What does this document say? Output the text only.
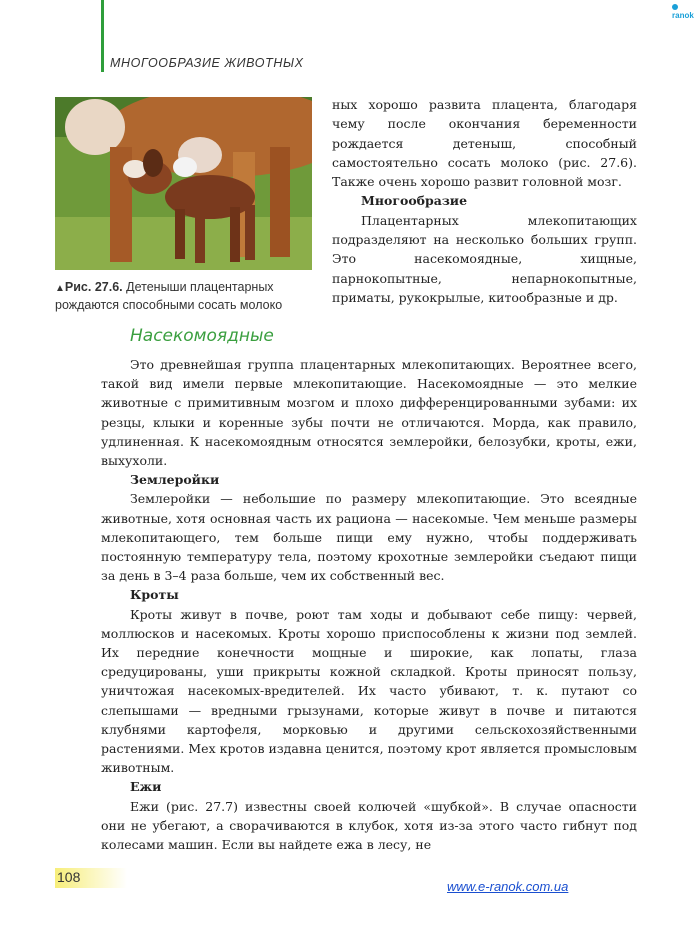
МНОГООБРАЗИЕ ЖИВОТНЫХ
ranok
▲Рис. 27.6. Детеныши плацентарных рождаются способными сосать молоко

ных хорошо развита плацента, благодаря чему после окончания беременности рождается детеныш, способный самостоятельно сосать молоко (рис. 27.6). Также очень хорошо развит головной мозг.

Многообразие

Плацентарных млекопитающих подразделяют на несколько больших групп. Это насекомоядные, хищные, парнокопытные, непарнокопытные, приматы, рукокрылые, китообразные и др.

Насекомоядные

Это древнейшая группа плацентарных млекопитающих. Вероятнее всего, такой вид имели первые млекопитающие. Насекомоядные — это мелкие животные с примитивным мозгом и плохо дифференцированными зубами: их резцы, клыки и коренные зубы почти не отличаются. Морда, как правило, удлиненная. К насекомоядным относятся землеройки, белозубки, кроты, ежи, выхухоли.

Землеройки

Землеройки — небольшие по размеру млекопитающие. Это всеядные животные, хотя основная часть их рациона — насекомые. Чем меньше размеры млекопитающего, тем больше пищи ему нужно, чтобы поддерживать постоянную температуру тела, поэтому крохотные землеройки съедают пищи за день в 3–4 раза больше, чем их собственный вес.

Кроты

Кроты живут в почве, роют там ходы и добывают себе пищу: червей, моллюсков и насекомых. Кроты хорошо приспособлены к жизни под землей. Их передние конечности мощные и широкие, как лопаты, глаза средуцированы, уши прикрыты кожной складкой. Кроты приносят пользу, уничтожая насекомых-вредителей. Их часто убивают, т. к. путают со слепышами — вредными грызунами, которые живут в почве и питаются клубнями картофеля, морковью и другими сельскохозяйственными растениями. Мех кротов издавна ценится, поэтому крот является промысловым животным.

Ежи

Ежи (рис. 27.7) известны своей колючей «шубкой». В случае опасности они не убегают, а сворачиваются в клубок, хотя из-за этого часто гибнут под колесами машин. Если вы найдете ежа в лесу, не

108
www.e-ranok.com.ua
